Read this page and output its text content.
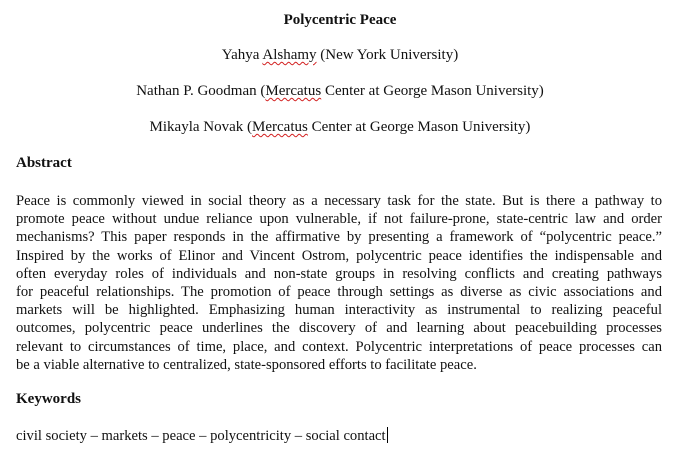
Polycentric Peace
Yahya Alshamy (New York University)
Nathan P. Goodman (Mercatus Center at George Mason University)
Mikayla Novak (Mercatus Center at George Mason University)
Abstract
Peace is commonly viewed in social theory as a necessary task for the state. But is there a pathway to
promote peace without undue reliance upon vulnerable, if not failure-prone, state-centric law and order
mechanisms? This paper responds in the affirmative by presenting a framework of “polycentric peace.”
Inspired by the works of Elinor and Vincent Ostrom, polycentric peace identifies the indispensable and
often everyday roles of individuals and non-state groups in resolving conflicts and creating pathways
for peaceful relationships. The promotion of peace through settings as diverse as civic associations and
markets will be highlighted. Emphasizing human interactivity as instrumental to realizing peaceful
outcomes, polycentric peace underlines the discovery of and learning about peacebuilding processes
relevant to circumstances of time, place, and context. Polycentric interpretations of peace processes can
be a viable alternative to centralized, state-sponsored efforts to facilitate peace.
Keywords
civil society – markets – peace – polycentricity – social contact
